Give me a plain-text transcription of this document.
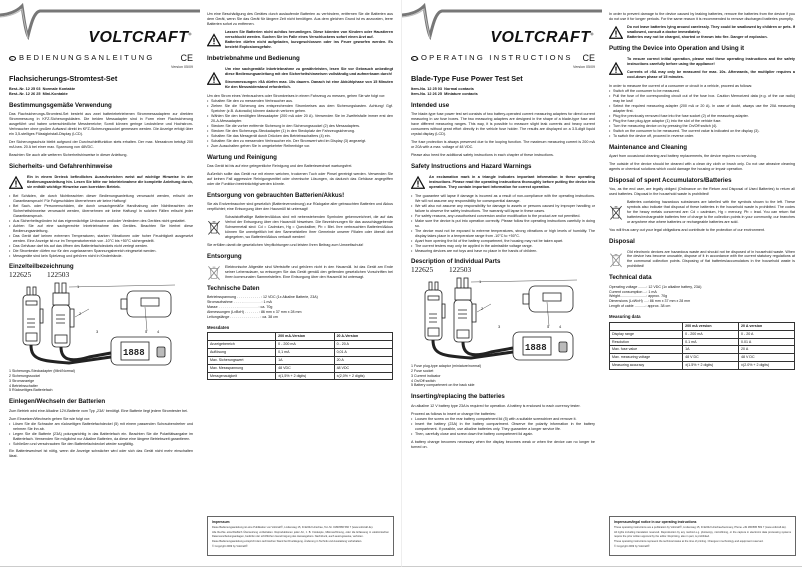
VOLTCRAFT®
D BEDIENUNGSANLEITUNG	CE
Version 05/09
Flachsicherungs-Stromtest-Set
Best.-Nr. 12 25 03 Normale Kontakte
Best.-Nr. 12 26 25 Mini-Kontakte
Bestimmungsgemäße Verwendung

Das Flachsicherungs-Stromtest-Set besteht aus zwei batteriebetriebenen Strommessadaptern zur direkten Strommessung in KFZ-Sicherungskästen. Die beiden Messadapter sind in Form einer Flachsicherung ausgeführt und haben unterschiedliche Messbereiche; Somit können geringe Leckströme und Hochstrom-Verbraucher ohne großen Aufwand direkt im KFZ-Sicherungssockel gemessen werden. Die Anzeige erfolgt über ein 3,5-stelliges Flüssigkristall-Display (LCD).

Der Sicherungsschutz bleibt aufgrund der Durchschleiffunktion stets erhalten. Der max. Messstrom beträgt 200 mA bzw. 20 A bei einer max. Spannung von 48VDC.

Beachten Sie auch alle weiteren Sicherheitshinweise in dieser Anleitung.

Sicherheits- und Gefahrenhinweise
Ein in einem Dreieck befindliches Ausrufezeichen weist auf wichtige Hinweise in der Bedienungsanleitung hin. Lesen Sie bitte vor Inbetriebnahme die komplette Anleitung durch, sie enthält wichtige Hinweise zum korrekten Betrieb.
• Bei Schäden, die durch Nichtbeachten dieser Bedienungsanleitung verursacht werden, erlischt der Garantieanspruch! Für Folgeschäden übernehmen wir keine Haftung!
• Bei Sach- oder Personenschäden, die durch unsachgemäße Handhabung oder Nichtbeachten der Sicherheitshinweise verursacht werden, übernehmen wir keine Haftung! In solchen Fällen erlischt jeder Garantieanspruch.
• Aus Sicherheitsgründen ist das eigenmächtige Umbauen und/oder Verändern des Gerätes nicht gestattet.
• Achten Sie auf eine sachgerechte Inbetriebnahme des Gerätes. Beachten Sie hierbei diese Bedienungsanleitung.
• Das Gerät darf keinen extremen Temperaturen, starken Vibrationen oder hoher Feuchtigkeit ausgesetzt werden. Eine Anzeige ist nur im Temperaturbereich von -10°C bis +50°C sichergestellt.
• Das Gehäuse darf bis auf das öffnen des Batteriefachdeckels nicht zerlegt werden.
• Die Stromtester dürfen nur für den zugelassenen Spannungsbereich eingesetzt werden.
• Messgeräte sind kein Spielzeug und gehören nicht in Kinderhände.
Einzelteilbezeichnung
122625 122503
1888
1
2
3	4
5
1 Sicherungs-Steckadapter (Mini/Normal)
2 Sicherungssockel
3 Stromanzeige
4 Betriebsschalter
5 Rückseitiges Batteriefach
Einlegen/Wechseln der Batterien

Zum Betrieb wird eine Alkaline 12V-Batterie vom Typ „23A“ benötigt. Eine Batterie liegt jedem Stromtester bei.

Zum Einsetzen/Wechseln gehen Sie wie folgt vor:

• Lösen Sie die Schraube am rückseitigen Batteriefachdeckel (5) mit einem passenden Schraubendreher und nehmen Sie ihn ab.
• Legen Sie die Batterie (23A) polungsrichtig in das Batteriefach ein. Beachten Sie die Polaritätsangabe im Batteriefach. Verwenden Sie möglichst nur Alkaline Batterien, da diese eine längere Betriebszeit garantieren.
• Schließen und verschrauben Sie den Batteriefachdeckel wieder sorgfältig.

Ein Batteriewechsel ist nötig, wenn die Anzeige schwächer wird oder sich das Gerät nicht mehr einschalten lässt.

Um eine Beschädigung des Gerätes durch auslaufende Batterien zu verhindern, entfernen Sie die Batterien aus dem Gerät, wenn Sie das Gerät für längere Zeit nicht benötigen. Aus dem gleichen Grund ist es anzuraten, leere Batterien sofort zu entfernen.

Lassen Sie Batterien nicht achtlos herumliegen. Diese könnten von Kindern oder Haustieren verschluckt werden. Suchen Sie im Falle eines Verschluckens sofort einen Arzt auf.
Batterien dürfen nicht aufgeladen, kurzgeschlossen oder ins Feuer geworfen werden. Es besteht Explosionsgefahr.
Inbetriebnahme und Bedienung
Um eine sachgemäße Inbetriebnahme zu gewährleisten, lesen Sie vor Gebrauch unbedingt diese Bedienungsanleitung mit den Sicherheitshinweisen vollständig und aufmerksam durch!
Strommessungen >5A dürfen max. 10s dauern. Danach ist eine Abkühlphase von 15 Minuten für den Messwiderstand erforderlich.

Um den Strom eines Verbrauchers oder Stromkreises in einem Fahrzeug zu messen, gehen Sie wie folgt vor:

• Schalten Sie den zu messenden Verbraucher aus.
• Ziehen Sie die Sicherung des entsprechenden Stromkreises aus dem Sicherungskasten. Achtung! Ggf. Speicher (z.B. Autoradio) können dadurch verloren gehen.
• Wählen Sie den benötigten Messadapter (200 mA oder 20 A). Verwenden Sie im Zweifelsfalle immer erst den 20-A-Messadapter.
• Stecken Sie die vorher entfernte Sicherung in den Sicherungssockel (2) des Messadapters.
• Stecken Sie den Sicherungs-Steckadapter (1) in den Steckplatz der Fahrzeugsicherung.
• Schalten Sie das Messgerät durch Drücken des Betriebsschalters (4) ein.
• Schalten Sie den zu messenden Verbraucher ein. Der Stromwert wird im Display (3) angezeigt.
• Zum Ausschalten gehen Sie in umgekehrter Reihenfolge vor.
Wartung und Reinigung

Das Gerät ist bis auf eine gelegentliche Reinigung und den Batteriewechsel wartungsfrei.

Äußerlich sollte das Gerät nur mit einem weichen, trockenen Tuch oder Pinsel gereinigt werden. Verwenden Sie auf keinen Fall aggressive Reinigungsmittel oder chemische Lösungen, da dadurch das Gehäuse angegriffen oder die Funktion beeinträchtigt werden könnte.

Entsorgung von gebrauchten Batterien/Akkus!

Sie als Endverbraucher sind gesetzlich (Batterieverordnung) zur Rückgabe aller gebrauchten Batterien und Akkus verpflichtet; eine Entsorgung über den Hausmüll ist untersagt!

Schadstoffhaltige Batterien/Akkus sind mit nebenstehenden Symbolen gekennzeichnet, die auf das Verbot der Entsorgung über den Hausmüll hinweisen. Die Bezeichnungen für das ausschlaggebende Schwermetall sind: Cd = Cadmium, Hg = Quecksilber, Pb = Blei. Ihre verbrauchten Batterien/Akkus können Sie unentgeltlich bei den Sammelstellen Ihrer Gemeinde unserer Filialen oder überall dort abgegeben, wo Batterien/Akkus verkauft werden!

Sie erfüllen damit die gesetzlichen Verpflichtungen und leisten Ihren Beitrag zum Umweltschutz!

Entsorgung

Elektronische Altgeräte sind Wertstoffe und gehören nicht in den Hausmüll. Ist das Gerät am Ende seiner Lebensdauer, so entsorgen Sie das Gerät gemäß den geltenden gesetzlichen Vorschriften bei Ihren kommunalen Sammelstellen. Eine Entsorgung über den Hausmüll ist untersagt.

Technische Daten
Betriebsspannung . . . . . . . . . . . . : 12 VDC (1x Alkaline Batterie, 23A)
Stromaufnahme . . . . . . . . . . . . . . : 1 mA
Masse . . . . . . . . . . . . . . . . . . . . : ca. 70g
Abmessungen (LxBxH) . . . . . . . : 86 mm x 37 mm x 28 mm
Leitungslänge . . . . . . . . . . . . . . . : ca. 38 cm
Messdaten
	200 mA-Version	20 A-Version
Anzeigebereich	0 - 200 mA	0 - 20 A
Auflösung	0,1 mA	0,01 A
Max. Sicherungswert	1A	20 A
Max. Messspannung	48 VDC	48 VDC
Messgenauigkeit	±(1,5% + 2 digits)	±(2,0% + 2 digits)
Impressum

Diese Bedienungsanleitung ist eine Publikation von Voltcraft®, Lindenweg 15, D-92242 Hirschau, Tel.-Nr. 0180/586 582 7 (www.voltcraft.de).

Alle Rechte einschließlich Übersetzung vorbehalten. Reproduktionen jeder Art, z. B. Fotokopie, Mikroverfilmung, oder die Erfassung in elektronischen Datenverarbeitungsanlagen, bedürfen der schriftlichen Genehmigung des Herausgebers. Nachdruck, auch auszugsweise, verboten.

Diese Bedienungsanleitung entspricht dem technischen Stand bei Drucklegung. Änderung in Technik und Ausstattung vorbehalten.

© Copyright 2009 by Voltcraft®

VOLTCRAFT®
GB OPERATING INSTRUCTIONS CE
Version 05/09
Blade-Type Fuse Power Test Set
Item-No. 12 25 03 Normal contacts
Item-No. 12 26 25 Miniature contacts
Intended use

The blade-type fuse power test set consists of two battery-operated current measuring adapters for direct current measuring in car fuse boxes. The two measuring adapters are designed in the shape of a blade-type fuse and have different measuring ranges. This way, it is possible to measure slight leak currents and heavy current consumers without great effort directly in the vehicle fuse holder. The results are displayed on a 3.5-digit liquid crystal display (LCD).

The fuse protection is always preserved due to the looping function. The maximum measuring current is 200 mA or 20A with a max. voltage of 48 VDC.

Please also heed the additional safety instructions in each chapter of these instructions.

Safety Instructions and Hazard Warnings
An exclamation mark in a triangle indicates important information in these operating instructions. Please read the operating instructions thoroughly before putting the device into operation. They contain important information for correct operation.
• The guarantee will lapse if damage is incurred as a result of non-compliance with the operating instructions. We will not assume any responsibility for consequential damage.
• We will also not assume any responsibility for damage to assets or persons caused by improper handling or failure to observe the safety instructions. The warranty will lapse in these cases.
• For safety reasons, any unauthorised conversion and/or modification to the product are not permitted.
• Make sure the device is put into operation correctly. Please follow the operating instructions carefully in doing so.
• The device must not be exposed to extreme temperatures, strong vibrations or high levels of humidity. The display takes place in a temperature range from -10°C to +50°C.
• Apart from opening the lid of the battery compartment, the housing may not be taken apart.
• The current testers may only be applied in the admissible voltage range.
• Measuring devices are not toys and have no place in the hands of children.
Description of Individual Parts
122625 122503
1888
1
2
3	4
5
1 Fuse plug-type adaptor (miniature/normal)
2 Fuse socket
3 Current indicator
4 On/Off switch
5 Battery compartment on the back side
Inserting/replacing the batteries

An alkaline 12 V battery type 23A is required for operation. A battery is enclosed to each currency tester.

Proceed as follows to insert or change the batteries:

• Loosen the screw on the rear battery compartment lid (5) with a suitable screwdriver and remove it.
• Insert the battery (23A) in the battery compartment. Observe the polarity information in the battery compartment. If possible, use alkaline batteries only. They guarantee a longer service life.
• Then, carefully close and screw down the battery compartment lid again.

A battery change becomes necessary when the display becomes weak or when the device can no longer be turned on.

In order to prevent damage to the device caused by leaking batteries, remove the batteries from the device if you do not use it for longer periods. For the same reason it is recommended to remove discharged batteries promptly.

Do not leave batteries lying around carelessly. They could be swallowed by children or pets. If swallowed, consult a doctor immediately.
Batteries may not be charged, shorted or thrown into fire. Danger of explosion.
Putting the Device into Operation and Using it
To ensure correct initial operation, please read these operating instructions and the safety instructions carefully before using the appliance!
Currents of >5A may only be measured for max. 10s. Afterwards, the multiplier requires a cool-down phase of 15 minutes.

In order to measure the current of a consumer or circuit in a vehicle, proceed as follows:

• Switch off the consumer to be measured.
• Pull the fuse of the corresponding circuit out of the fuse box. Caution Memorized data (e.g. of the car radio) may be lost!
• Select the required measuring adapter (200 mA or 20 A). In case of doubt, always use the 20A measuring adapter first.
• Plug the previously removed fuse into the fuse socket (2) of the measuring adapter.
• Plug the fuse plug-type adaptor (1) into the slot of the vehicle fuse.
• Turn the measuring device on by pressing the On/Off switch (4).
• Switch on the consumer to be measured. The current value is indicated on the display (3).
• To switch the device off, proceed in reverse order.
Maintenance and Cleaning

Apart from occasional cleaning and battery replacements, the device requires no servicing.

The outside of the device should be cleaned with a clean dry cloth or brush only. Do not use abrasive cleaning agents or chemical solutions which could damage the housing or impair operation.

Disposal of spent Accumulators/Batteries

You, as the end user, are legally obliged (Ordinance on the Return and Disposal of Used Batteries) to return all used batteries. Disposal in the household waste is prohibited!

Batteries containing hazardous substances are labelled with the symbols shown to the left. These symbols also indicate that disposal of these batteries in the household waste is prohibited. The codes for the heavy metals concerned are: Cd = cadmium, Hg = mercury, Pb = lead. You can return flat batteries/rechargeable batteries free of charge to the collection points in your community, our branches or anywhere else where batteries or rechargeable batteries are sold.

You will thus carry out your legal obligations and contribute to the protection of our environment.

Disposal

Old electronic devices are hazardous waste and should not be disposed of in household waste. When the device has become unusable, dispose of it in accordance with the current statutory regulations at the communal collection points. Disposing of flat batteries/accumulators in the household waste is prohibited!

Technical data
Operating voltage ........: 12 VDC (1x alkaline battery, 23A)
Current consumption ...: 1 mA
Weight..........................: approx. 70g
Dimensions (LxWxH) ....: 86 mm x 37 mm x 28 mm
Length of cable ...........: approx. 38 cm
Measuring data
	200 mA version	20 A version
Display range	0 - 200 mA	0 - 20 A
Resolution	0.1 mA	0.01 A
Max. fuse value	1A	20 A
Max. measuring voltage	48 V DC	48 V DC
Measuring accuracy	±(1.5% + 2 digits)	±(2.0% + 2 digits)
Impressum/legal notice in our operating instructions

These operating instructions are a publication by Voltcraft®, Lindenweg 15, D-92242 Hirschau/Germany, Phone +49 180/586 582 7 (www.voltcraft.de).

All rights including translation reserved. Reproduction by any method e.g. photocopy, microfilming, or the capture in electronic data processing systems require the prior written approval by the editor. Reprinting, also in part, is prohibited.

These operating instructions represent the technical status at the time of printing. Changes in technology and equipment reserved.

© Copyright 2009 by Voltcraft®
